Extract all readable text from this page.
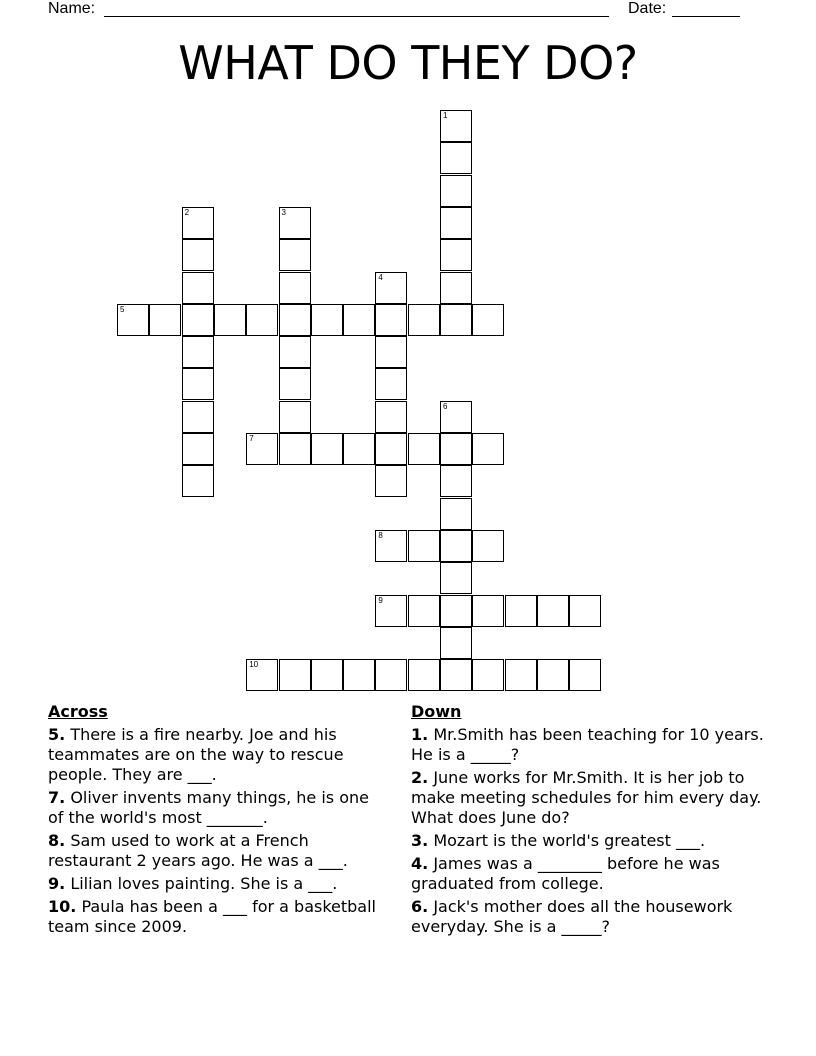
Name:	Date:
WHAT DO THEY DO?
1
2	3
4
5
6
7
8
9
10
Across
5. There is a fire nearby. Joe and his teammates are on the way to rescue people. They are ___.
7. Oliver invents many things, he is one of the world's most _______.
8. Sam used to work at a French restaurant 2 years ago. He was a ___.
9. Lilian loves painting. She is a ___.
10. Paula has been a ___ for a basketball team since 2009.
Down
1. Mr.Smith has been teaching for 10 years. He is a _____?
2. June works for Mr.Smith. It is her job to make meeting schedules for him every day. What does June do?
3. Mozart is the world's greatest ___.
4. James was a ________ before he was graduated from college.
6. Jack's mother does all the housework everyday. She is a _____?
